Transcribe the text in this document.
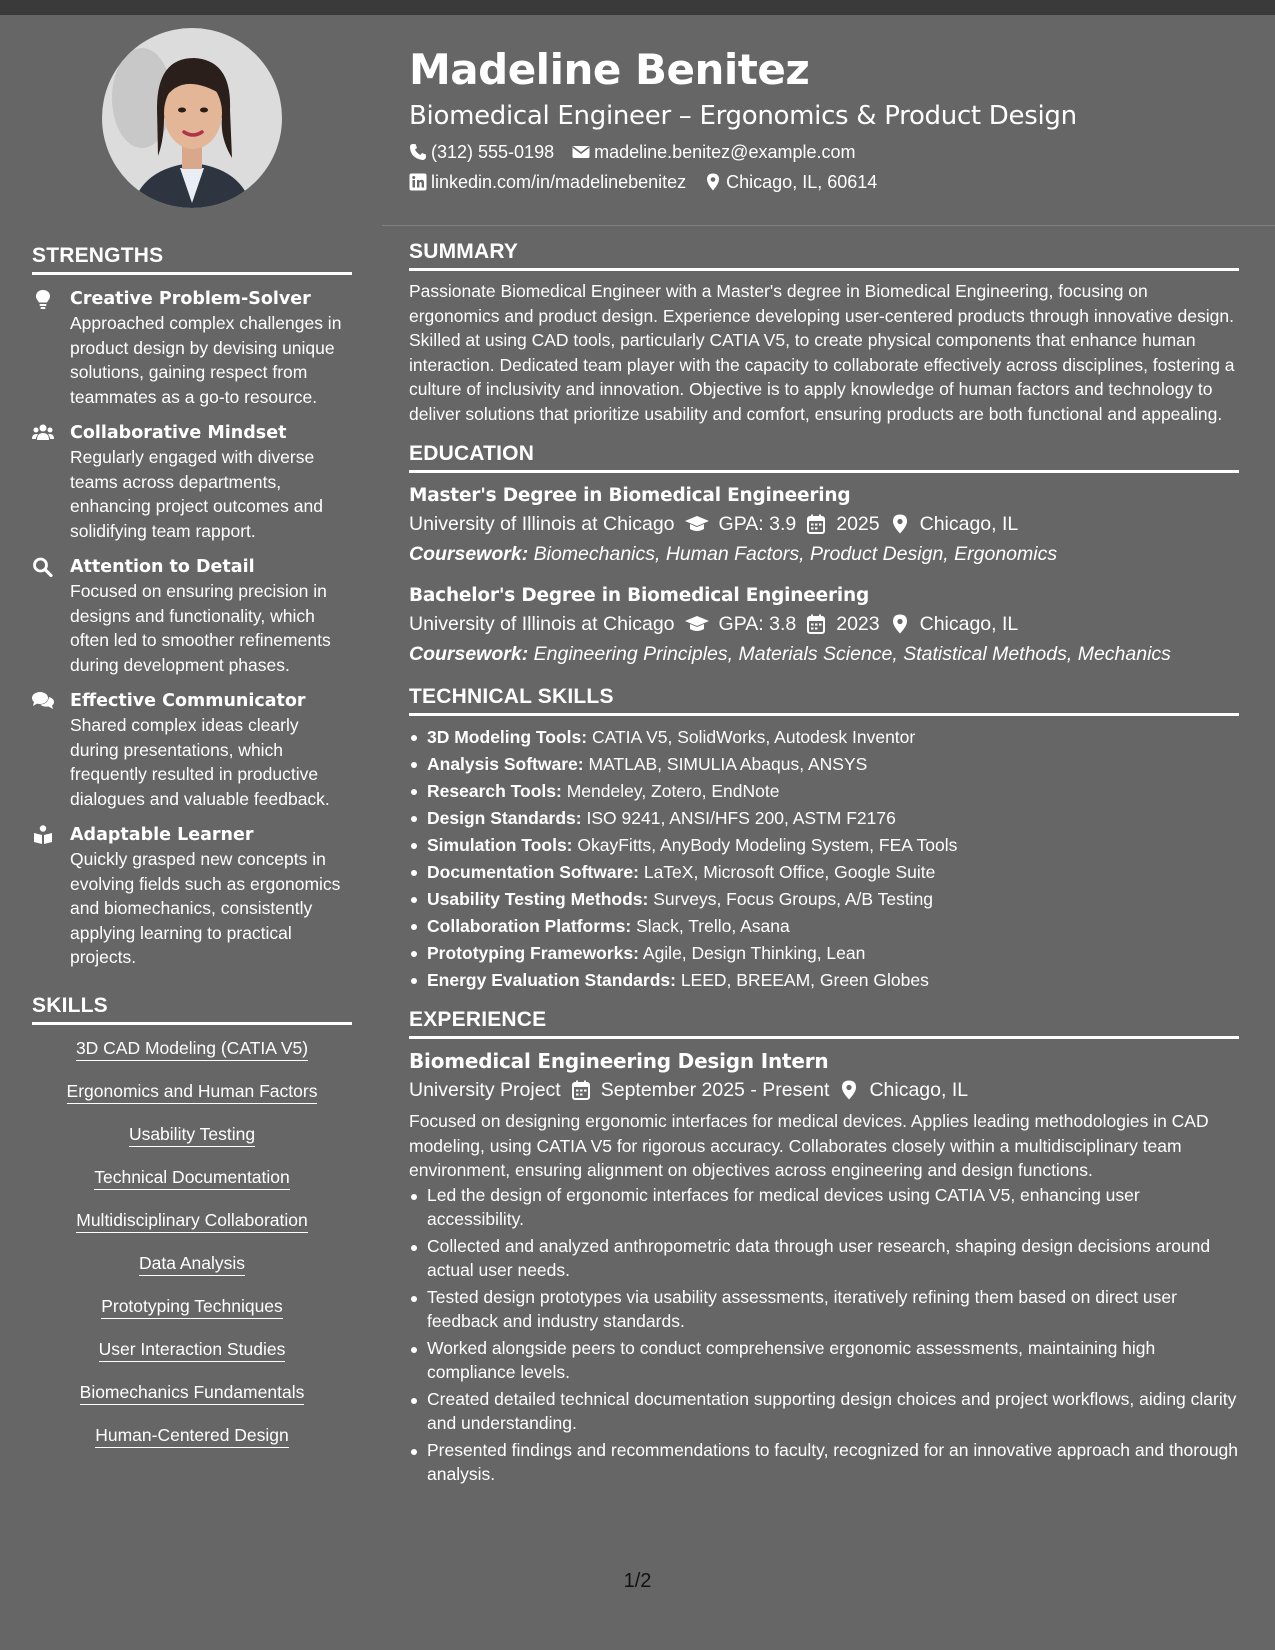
STRENGTHS
Creative Problem-Solver
Approached complex challenges in product design by devising unique solutions, gaining respect from teammates as a go-to resource.
Collaborative Mindset
Regularly engaged with diverse teams across departments, enhancing project outcomes and solidifying team rapport.
Attention to Detail
Focused on ensuring precision in designs and functionality, which often led to smoother refinements during development phases.
Effective Communicator
Shared complex ideas clearly during presentations, which frequently resulted in productive dialogues and valuable feedback.
Adaptable Learner
Quickly grasped new concepts in evolving fields such as ergonomics and biomechanics, consistently applying learning to practical projects.
SKILLS
3D CAD Modeling (CATIA V5)
Ergonomics and Human Factors
Usability Testing
Technical Documentation
Multidisciplinary Collaboration
Data Analysis
Prototyping Techniques
User Interaction Studies
Biomechanics Fundamentals
Human-Centered Design
Madeline Benitez
Biomedical Engineer – Ergonomics & Product Design
(312) 555-0198 madeline.benitez@example.com
linkedin.com/in/madelinebenitez Chicago, IL, 60614
SUMMARY
Passionate Biomedical Engineer with a Master's degree in Biomedical Engineering, focusing on ergonomics and product design. Experience developing user-centered products through innovative design. Skilled at using CAD tools, particularly CATIA V5, to create physical components that enhance human interaction. Dedicated team player with the capacity to collaborate effectively across disciplines, fostering a culture of inclusivity and innovation. Objective is to apply knowledge of human factors and technology to deliver solutions that prioritize usability and comfort, ensuring products are both functional and appealing.
EDUCATION
Master's Degree in Biomedical Engineering
University of Illinois at Chicago GPA: 3.9 2025 Chicago, IL
Coursework: Biomechanics, Human Factors, Product Design, Ergonomics
Bachelor's Degree in Biomedical Engineering
University of Illinois at Chicago GPA: 3.8 2023 Chicago, IL
Coursework: Engineering Principles, Materials Science, Statistical Methods, Mechanics
TECHNICAL SKILLS
3D Modeling Tools: CATIA V5, SolidWorks, Autodesk Inventor
Analysis Software: MATLAB, SIMULIA Abaqus, ANSYS
Research Tools: Mendeley, Zotero, EndNote
Design Standards: ISO 9241, ANSI/HFS 200, ASTM F2176
Simulation Tools: OkayFitts, AnyBody Modeling System, FEA Tools
Documentation Software: LaTeX, Microsoft Office, Google Suite
Usability Testing Methods: Surveys, Focus Groups, A/B Testing
Collaboration Platforms: Slack, Trello, Asana
Prototyping Frameworks: Agile, Design Thinking, Lean
Energy Evaluation Standards: LEED, BREEAM, Green Globes
EXPERIENCE
Biomedical Engineering Design Intern
University Project September 2025 - Present Chicago, IL
Focused on designing ergonomic interfaces for medical devices. Applies leading methodologies in CAD modeling, using CATIA V5 for rigorous accuracy. Collaborates closely within a multidisciplinary team environment, ensuring alignment on objectives across engineering and design functions.
Led the design of ergonomic interfaces for medical devices using CATIA V5, enhancing user accessibility.
Collected and analyzed anthropometric data through user research, shaping design decisions around actual user needs.
Tested design prototypes via usability assessments, iteratively refining them based on direct user feedback and industry standards.
Worked alongside peers to conduct comprehensive ergonomic assessments, maintaining high compliance levels.
Created detailed technical documentation supporting design choices and project workflows, aiding clarity and understanding.
Presented findings and recommendations to faculty, recognized for an innovative approach and thorough analysis.
1/2
